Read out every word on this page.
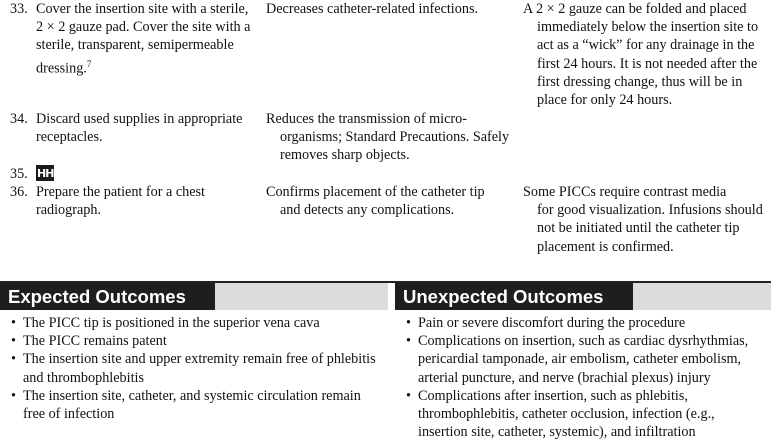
33. Cover the insertion site with a sterile, 2 × 2 gauze pad. Cover the site with a sterile, transparent, semipermeable dressing.$^7$
Decreases catheter-related infections.	A 2 × 2 gauze can be folded and placed
immediately below the insertion site to act as a “wick” for any drainage in the first 24 hours. It is not needed after the first dressing change, thus will be in place for only 24 hours.
34. Discard used supplies in appropriate receptacles.
Reduces the transmission of micro-
organisms; Standard Precautions. Safely removes sharp objects.
35. HH
36. Prepare the patient for a chest radiograph.
Confirms placement of the catheter tip
and detects any complications.
Some PICCs require contrast media
for good visualization. Infusions should not be initiated until the catheter tip placement is confirmed.
Expected Outcomes	Unexpected Outcomes
• The PICC tip is positioned in the superior vena cava
• The PICC remains patent
• The insertion site and upper extremity remain free of phlebitis and thrombophlebitis
• The insertion site, catheter, and systemic circulation remain free of infection
• Pain or severe discomfort during the procedure
• Complications on insertion, such as cardiac dysrhythmias, pericardial tamponade, air embolism, catheter embolism, arterial puncture, and nerve (brachial plexus) injury
• Complications after insertion, such as phlebitis, thrombophlebitis, catheter occlusion, infection (e.g., insertion site, catheter, systemic), and infiltration
